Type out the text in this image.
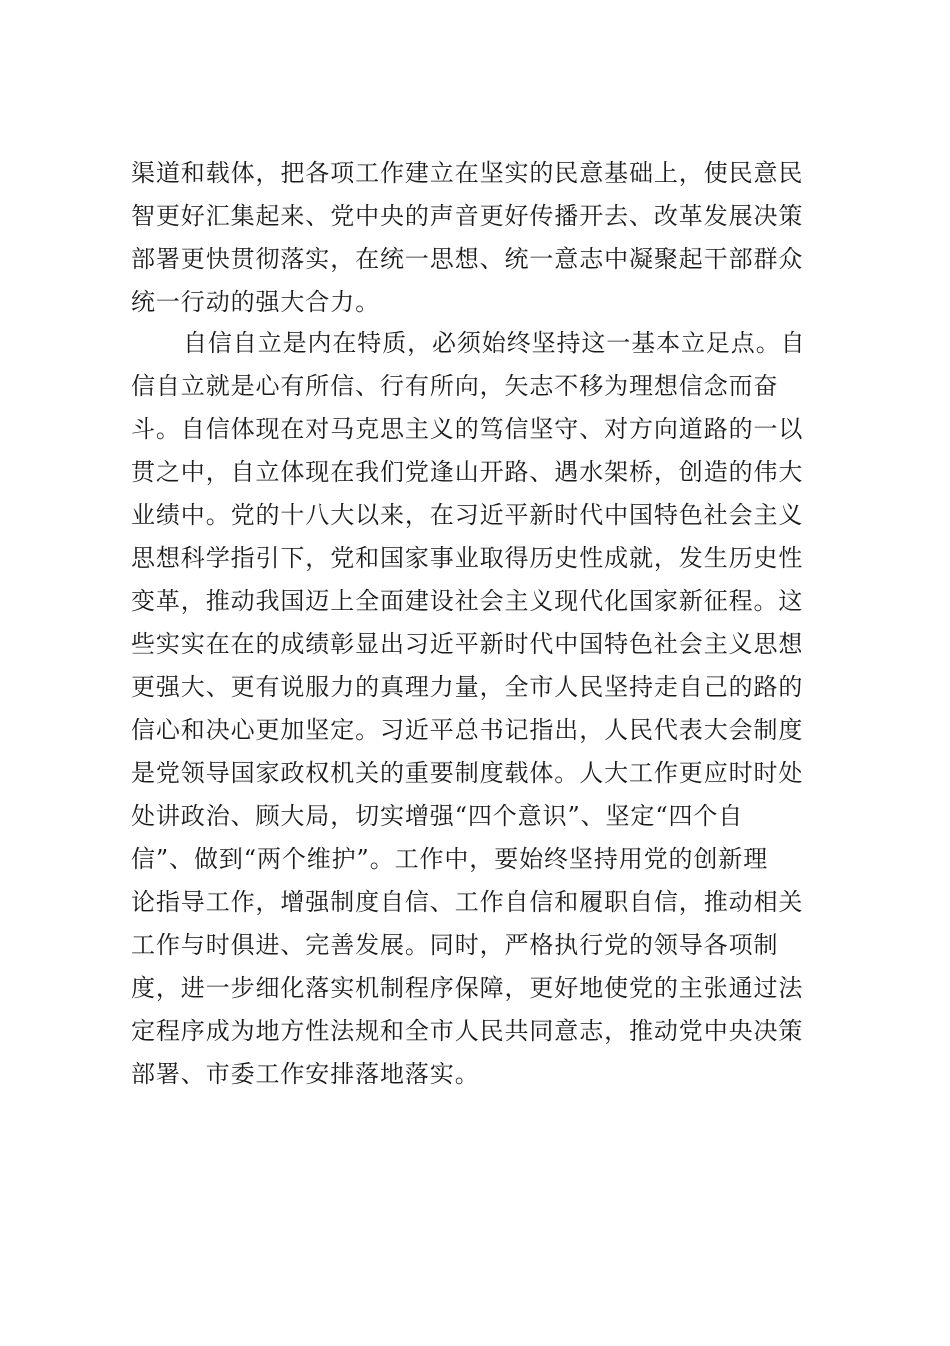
渠道和载体，把各项工作建立在坚实的民意基础上，使民意民
智更好汇集起来、党中央的声音更好传播开去、改革发展决策
部署更快贯彻落实，在统一思想、统一意志中凝聚起干部群众
统一行动的强大合力。
自信自立是内在特质，必须始终坚持这一基本立足点。自
信自立就是心有所信、行有所向，矢志不移为理想信念而奋
斗。自信体现在对马克思主义的笃信坚守、对方向道路的一以
贯之中，自立体现在我们党逢山开路、遇水架桥，创造的伟大
业绩中。党的十八大以来，在习近平新时代中国特色社会主义
思想科学指引下，党和国家事业取得历史性成就，发生历史性
变革，推动我国迈上全面建设社会主义现代化国家新征程。这
些实实在在的成绩彰显出习近平新时代中国特色社会主义思想
更强大、更有说服力的真理力量，全市人民坚持走自己的路的
信心和决心更加坚定。习近平总书记指出，人民代表大会制度
是党领导国家政权机关的重要制度载体。人大工作更应时时处
处讲政治、顾大局，切实增强“四个意识”、坚定“四个自
信”、做到“两个维护”。工作中，要始终坚持用党的创新理
论指导工作，增强制度自信、工作自信和履职自信，推动相关
工作与时俱进、完善发展。同时，严格执行党的领导各项制
度，进一步细化落实机制程序保障，更好地使党的主张通过法
定程序成为地方性法规和全市人民共同意志，推动党中央决策
部署、市委工作安排落地落实。
